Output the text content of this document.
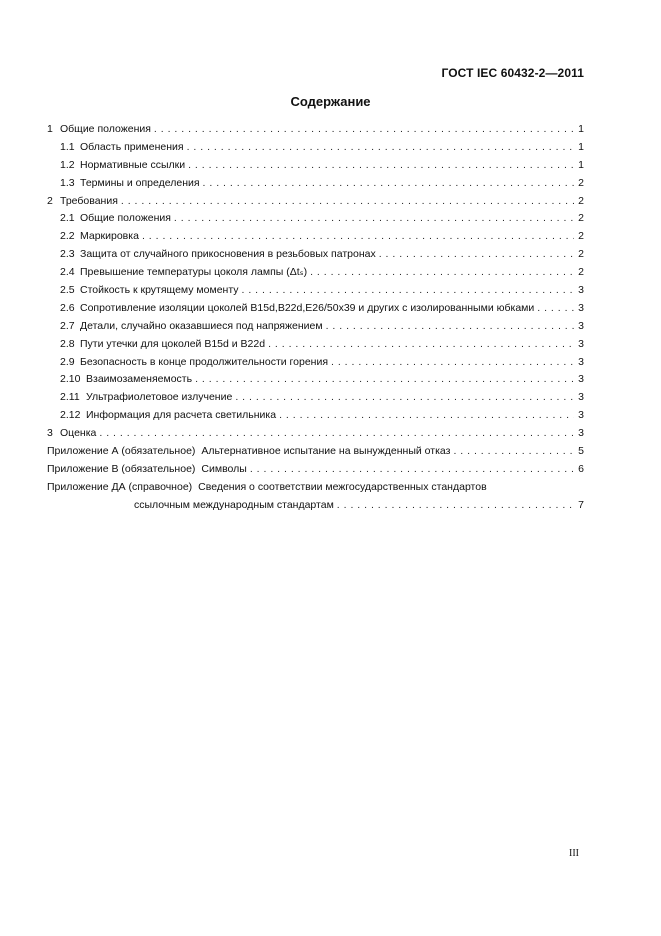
ГОСТ IEC 60432-2—2011
Содержание
1 Общие положения . . .	1
1.1 Область применения . . .	1
1.2 Нормативные ссылки . . .	1
1.3 Термины и определения . . .	2
2 Требования . . .	2
2.1 Общие положения . . .	2
2.2 Маркировка . . .	2
2.3 Защита от случайного прикосновения в резьбовых патронах . . .	2
2.4 Превышение температуры цоколя лампы (Δtₛ) . . .	2
2.5 Стойкость к крутящему моменту . . .	3
2.6 Сопротивление изоляции цоколей B15d,B22d,E26/50x39 и других с изолированными юбками . . .	3
2.7 Детали, случайно оказавшиеся под напряжением . . .	3
2.8 Пути утечки для цоколей B15d и B22d . . .	3
2.9 Безопасность в конце продолжительности горения . . .	3
2.10 Взаимозаменяемость . . .	3
2.11 Ультрафиолетовое излучение . . .	3
2.12 Информация для расчета светильника . . .	3
3 Оценка . . .	3
Приложение А (обязательное) Альтернативное испытание на вынужденный отказ . . .	5
Приложение В (обязательное) Символы . . .	6
Приложение ДА (справочное) Сведения о соответствии межгосударственных стандартов
ссылочным международным стандартам . . .	7
III
